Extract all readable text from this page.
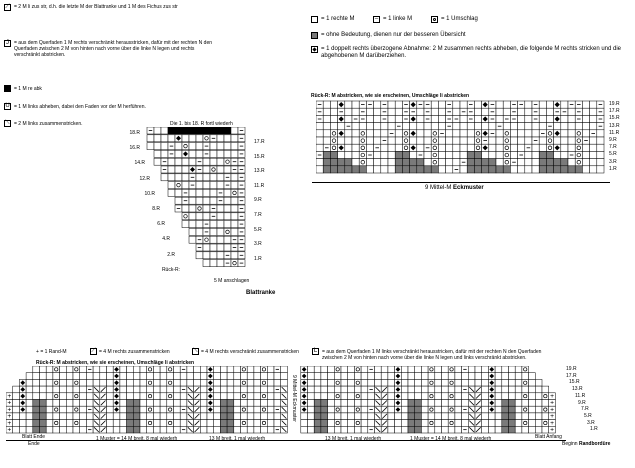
⟋ = 2 M li zus str, d.h. die letzte M der Blattranke und 1 M des Fichus zus str
J	= aus dem Querfaden 1 M rechts verschränkt herausstricken, dafür mit der rechten N den Querfaden zwischen 2 M von hinten nach vorne über die linke N legen und rechts verschränkt abstricken.
= 1 M re abk
U = 1 M links abheben, dabei den Faden vor der M herführen.
⟍ = 2 M links zusammenstricken.
= 1 rechte M	– = 1 linke M	= 1 Umschlag
= ohne Bedeutung, dienen nur der besseren Übersicht
= 1 doppelt rechts überzogene Abnahme: 2 M zusammen rechts abheben, die folgende M rechts stricken und die abgehobenen M darüberziehen.
Die 1. bis 18. R fortl wiederh
18.R
16.R
14.R
12.R
10.R
8.R
6.R
4.R
2.R
Rück-R:
17.R
15.R
13.R
11.R
9.R
7.R
5.R
3.R
1.R
5 M anschlagen
Blattranke
Rück-R: M abstricken, wie sie erscheinen, Umschläge li abstricken
19.R
17.R
15.R
13.R
11.R
9.R
7.R
5.R
3.R
1.R
9 Mittel-M Eckmuster
+ = 1 Rand-M	⟋ = 4 M rechts zusammenstricken	⟍ = 4 M rechts verschränkt zusammenstricken	L = aus dem Querfaden 1 M links verschränkt herausstricken, dafür mit der rechten N den Querfaden zwischen 2 M von hinten nach vorne über die linke N legen und links verschränkt abstricken.
Rück-R: M abstricken, wie sie erscheinen, Umschläge li abstricken
+	+
+	+
+	+
+	+
+	+
+	+
19.R
17.R
15.R
13.R
11.R
9.R
7.R
5.R
3.R
1.R
9 Mittel-M Eckmuster
Blatt Ende
Ende
1 Muster = 14 M breit, 8 mal wiederh	13 M breit, 1 mal wiederh	13 M breit, 1 mal wiederh	1 Muster = 14 M breit, 8 mal wiederh	Blatt Anfang
Beginn Randbordüre
